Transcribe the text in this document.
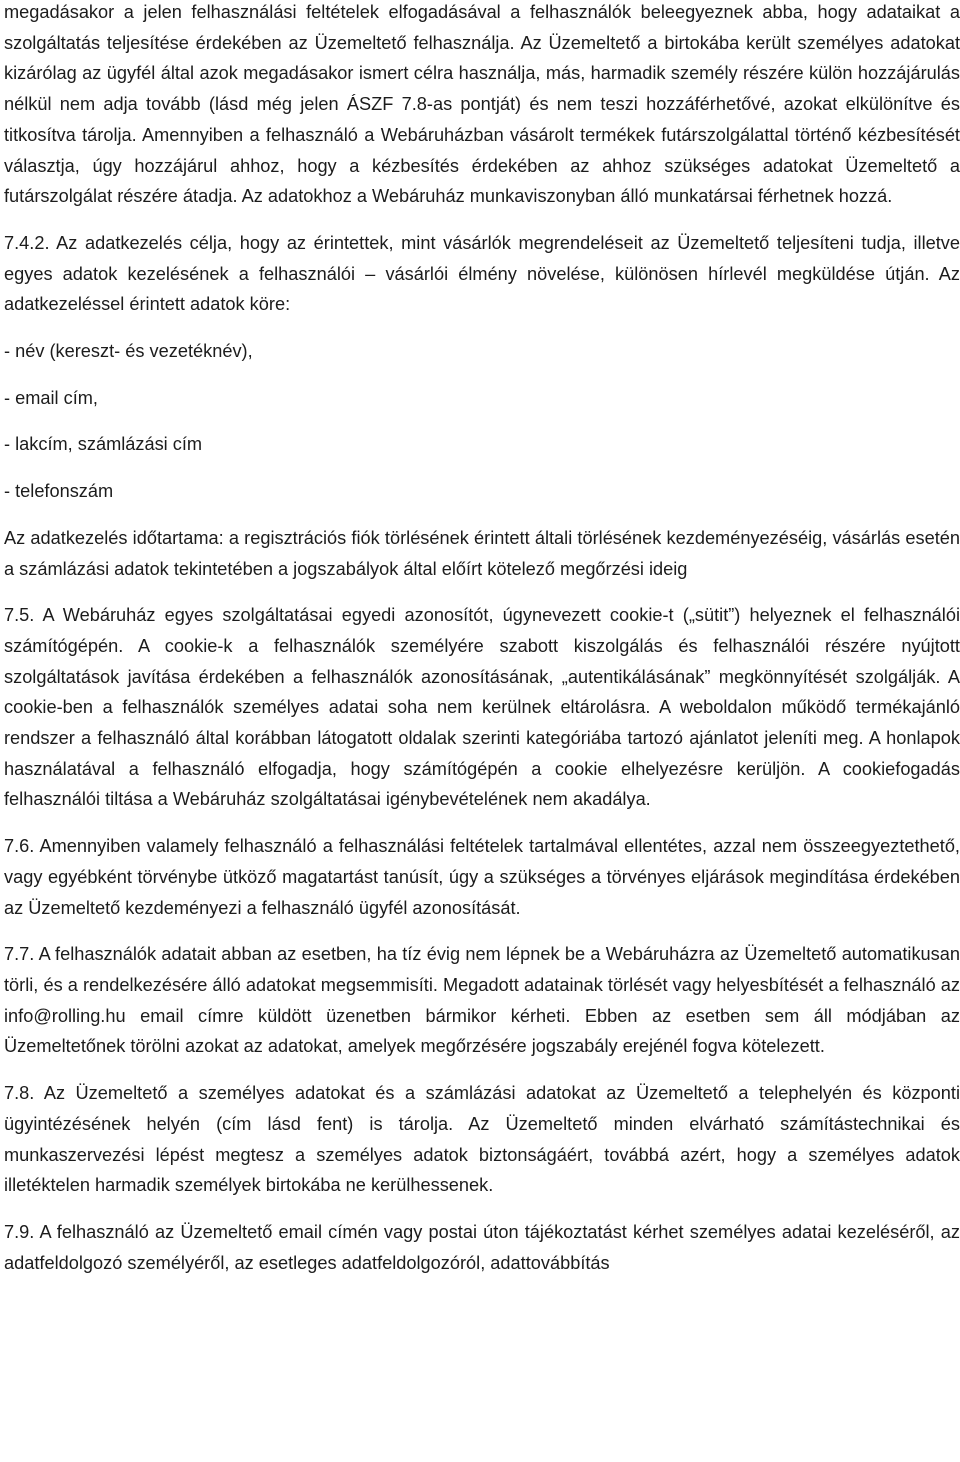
megadásakor a jelen felhasználási feltételek elfogadásával a felhasználók beleegyeznek abba, hogy adataikat a szolgáltatás teljesítése érdekében az Üzemeltető felhasználja. Az Üzemeltető a birtokába került személyes adatokat kizárólag az ügyfél által azok megadásakor ismert célra használja, más, harmadik személy részére külön hozzájárulás nélkül nem adja tovább (lásd még jelen ÁSZF 7.8-as pontját) és nem teszi hozzáférhetővé, azokat elkülönítve és titkosítva tárolja. Amennyiben a felhasználó a Webáruházban vásárolt termékek futárszolgálattal történő kézbesítését választja, úgy hozzájárul ahhoz, hogy a kézbesítés érdekében az ahhoz szükséges adatokat Üzemeltető a futárszolgálat részére átadja. Az adatokhoz a Webáruház munkaviszonyban álló munkatársai férhetnek hozzá.

7.4.2. Az adatkezelés célja, hogy az érintettek, mint vásárlók megrendeléseit az Üzemeltető teljesíteni tudja, illetve egyes adatok kezelésének a felhasználói – vásárlói élmény növelése, különösen hírlevél megküldése útján. Az adatkezeléssel érintett adatok köre:

- név (kereszt- és vezetéknév),

- email cím,

- lakcím, számlázási cím

- telefonszám

Az adatkezelés időtartama: a regisztrációs fiók törlésének érintett általi törlésének kezdeményezéséig, vásárlás esetén a számlázási adatok tekintetében a jogszabályok által előírt kötelező megőrzési ideig

7.5. A Webáruház egyes szolgáltatásai egyedi azonosítót, úgynevezett cookie-t („sütit”) helyeznek el felhasználói számítógépén. A cookie-k a felhasználók személyére szabott kiszolgálás és felhasználói részére nyújtott szolgáltatások javítása érdekében a felhasználók azonosításának, „autentikálásának” megkönnyítését szolgálják. A cookie-ben a felhasználók személyes adatai soha nem kerülnek eltárolásra. A weboldalon működő termékajánló rendszer a felhasználó által korábban látogatott oldalak szerinti kategóriába tartozó ajánlatot jeleníti meg. A honlapok használatával a felhasználó elfogadja, hogy számítógépén a cookie elhelyezésre kerüljön. A cookiefogadás felhasználói tiltása a Webáruház szolgáltatásai igénybevételének nem akadálya.

7.6. Amennyiben valamely felhasználó a felhasználási feltételek tartalmával ellentétes, azzal nem összeegyeztethető, vagy egyébként törvénybe ütköző magatartást tanúsít, úgy a szükséges a törvényes eljárások megindítása érdekében az Üzemeltető kezdeményezi a felhasználó ügyfél azonosítását.

7.7. A felhasználók adatait abban az esetben, ha tíz évig nem lépnek be a Webáruházra az Üzemeltető automatikusan törli, és a rendelkezésére álló adatokat megsemmisíti. Megadott adatainak törlését vagy helyesbítését a felhasználó az info@rolling.hu email címre küldött üzenetben bármikor kérheti. Ebben az esetben sem áll módjában az Üzemeltetőnek törölni azokat az adatokat, amelyek megőrzésére jogszabály erejénél fogva kötelezett.

7.8. Az Üzemeltető a személyes adatokat és a számlázási adatokat az Üzemeltető a telephelyén és központi ügyintézésének helyén (cím lásd fent) is tárolja. Az Üzemeltető minden elvárható számítástechnikai és munkaszervezési lépést megtesz a személyes adatok biztonságáért, továbbá azért, hogy a személyes adatok illetéktelen harmadik személyek birtokába ne kerülhessenek.

7.9. A felhasználó az Üzemeltető email címén vagy postai úton tájékoztatást kérhet személyes adatai kezeléséről, az adatfeldolgozó személyéről, az esetleges adatfeldolgozóról, adattovábbítás
